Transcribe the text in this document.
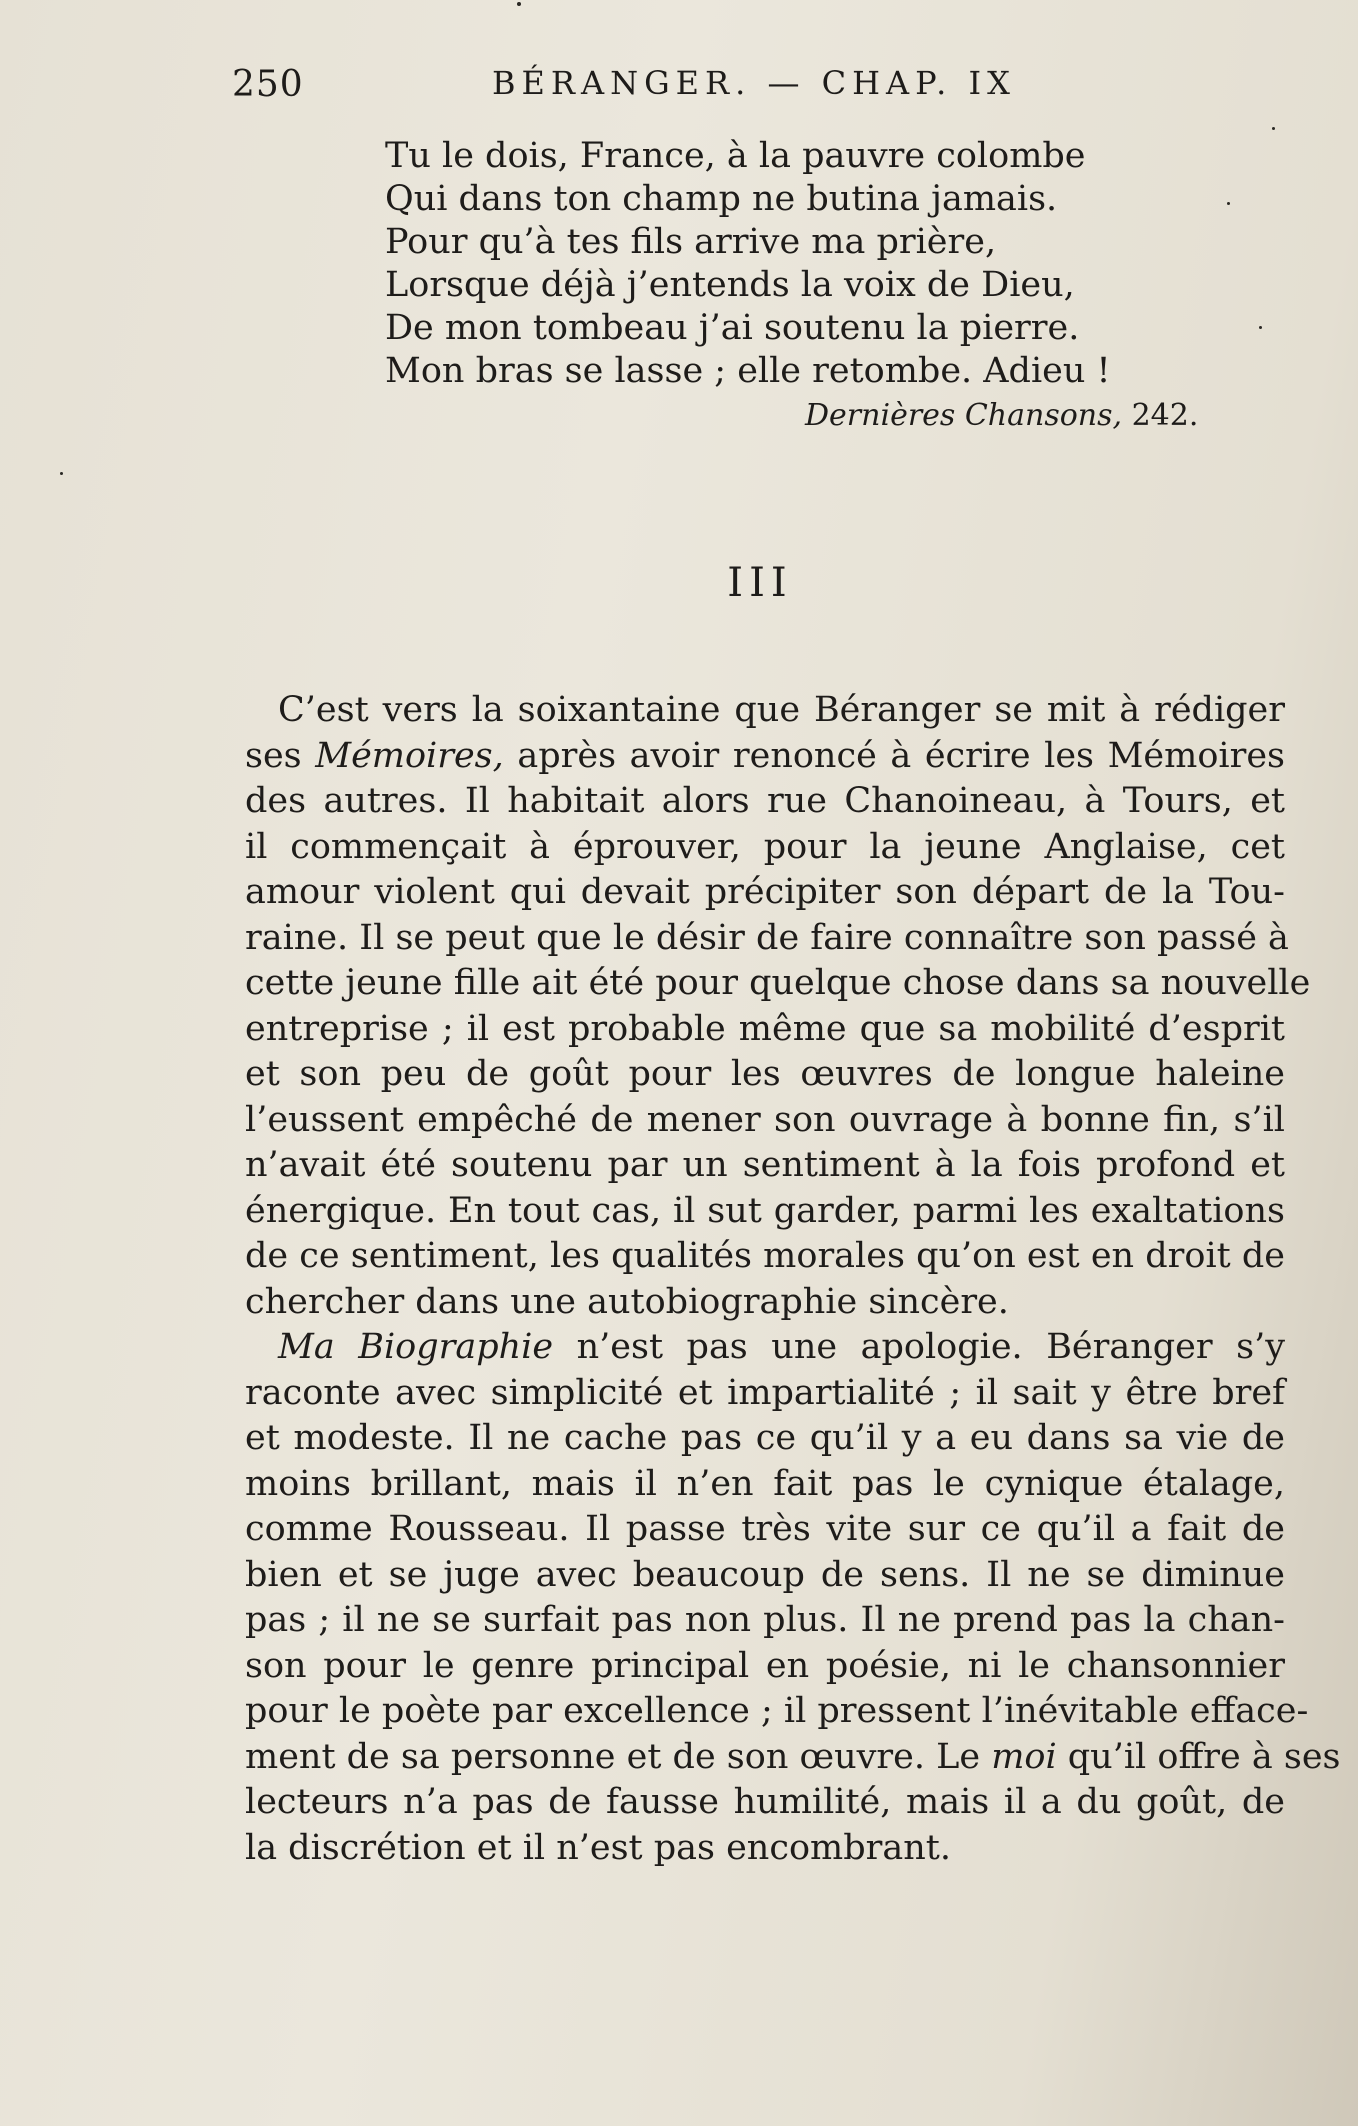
250	BÉRANGER. — CHAP. IX
Tu le dois, France, à la pauvre colombe
Qui dans ton champ ne butina jamais.
Pour qu’à tes fils arrive ma prière,
Lorsque déjà j’entends la voix de Dieu,
De mon tombeau j’ai soutenu la pierre.
Mon bras se lasse ; elle retombe. Adieu !
Dernières Chansons, 242.
III
C’est vers la soixantaine que Béranger se mit à rédiger
ses Mémoires, après avoir renoncé à écrire les Mémoires
des autres. Il habitait alors rue Chanoineau, à Tours, et
il commençait à éprouver, pour la jeune Anglaise, cet
amour violent qui devait précipiter son départ de la Tou-
raine. Il se peut que le désir de faire connaître son passé à
cette jeune fille ait été pour quelque chose dans sa nouvelle
entreprise ; il est probable même que sa mobilité d’esprit
et son peu de goût pour les œuvres de longue haleine
l’eussent empêché de mener son ouvrage à bonne fin, s’il
n’avait été soutenu par un sentiment à la fois profond et
énergique. En tout cas, il sut garder, parmi les exaltations
de ce sentiment, les qualités morales qu’on est en droit de
chercher dans une autobiographie sincère.
Ma Biographie n’est pas une apologie. Béranger s’y
raconte avec simplicité et impartialité ; il sait y être bref
et modeste. Il ne cache pas ce qu’il y a eu dans sa vie de
moins brillant, mais il n’en fait pas le cynique étalage,
comme Rousseau. Il passe très vite sur ce qu’il a fait de
bien et se juge avec beaucoup de sens. Il ne se diminue
pas ; il ne se surfait pas non plus. Il ne prend pas la chan-
son pour le genre principal en poésie, ni le chansonnier
pour le poète par excellence ; il pressent l’inévitable efface-
ment de sa personne et de son œuvre. Le moi qu’il offre à ses
lecteurs n’a pas de fausse humilité, mais il a du goût, de
la discrétion et il n’est pas encombrant.
